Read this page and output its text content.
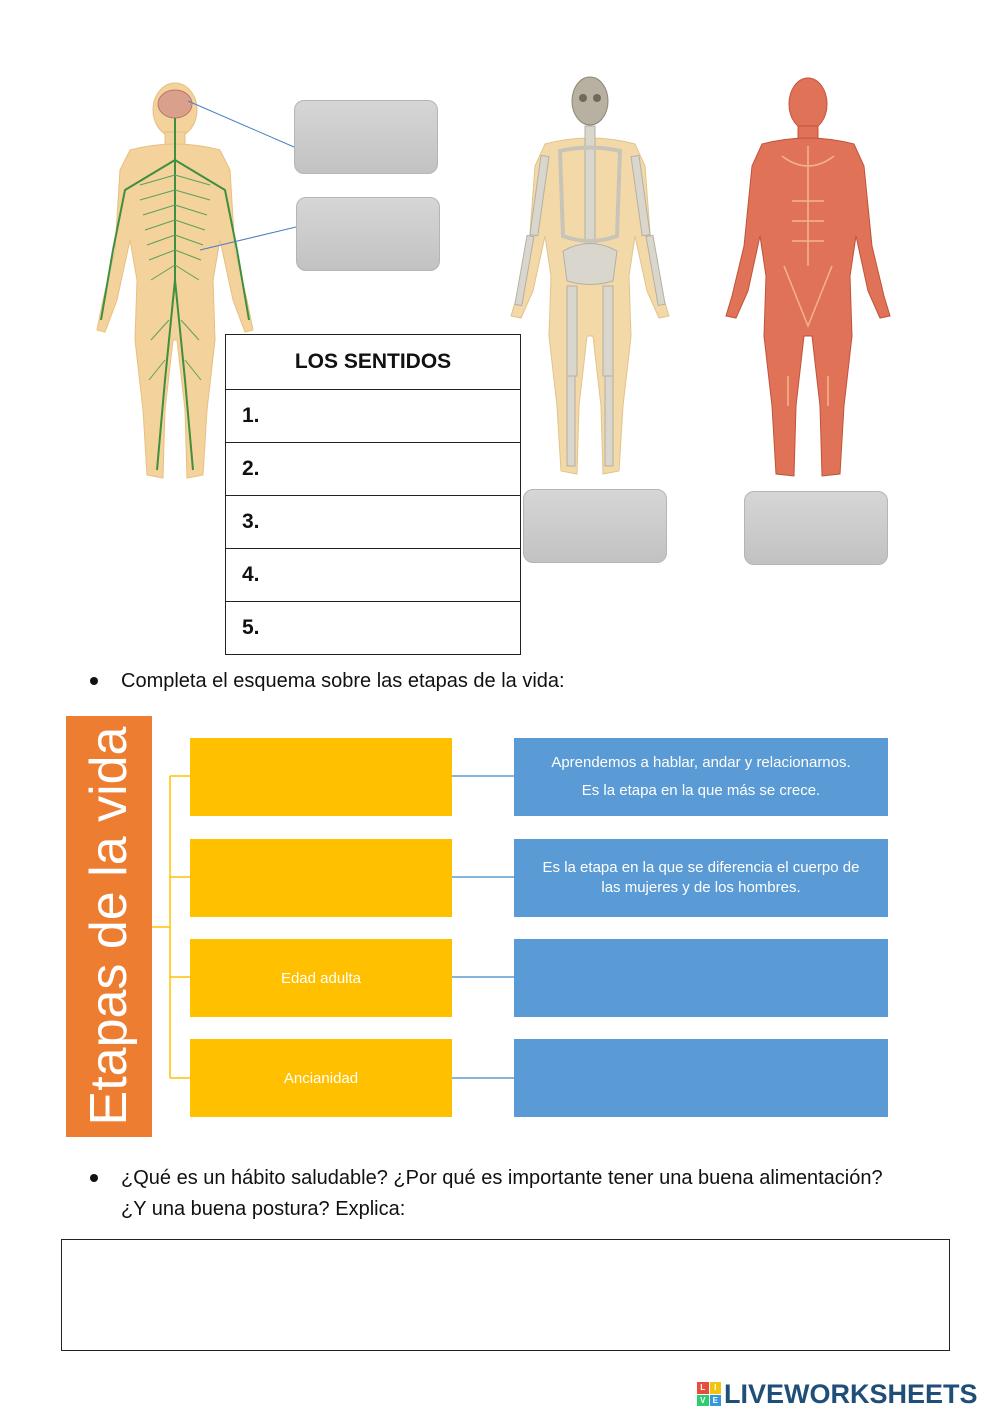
LOS SENTIDOS
1.
2.
3.
4.
5.
Completa el esquema sobre las etapas de la vida:
Etapas de la vida	Edad adulta
Ancianidad
Aprendemos a hablar, andar y relacionarnos.
Es la etapa en la que más se crece.
Es la etapa en la que se diferencia el cuerpo de
las mujeres y de los hombres.
¿Qué es un hábito saludable? ¿Por qué es importante tener una buena alimentación?
¿Y una buena postura? Explica:
L	I
V E LIVEWORKSHEETS
